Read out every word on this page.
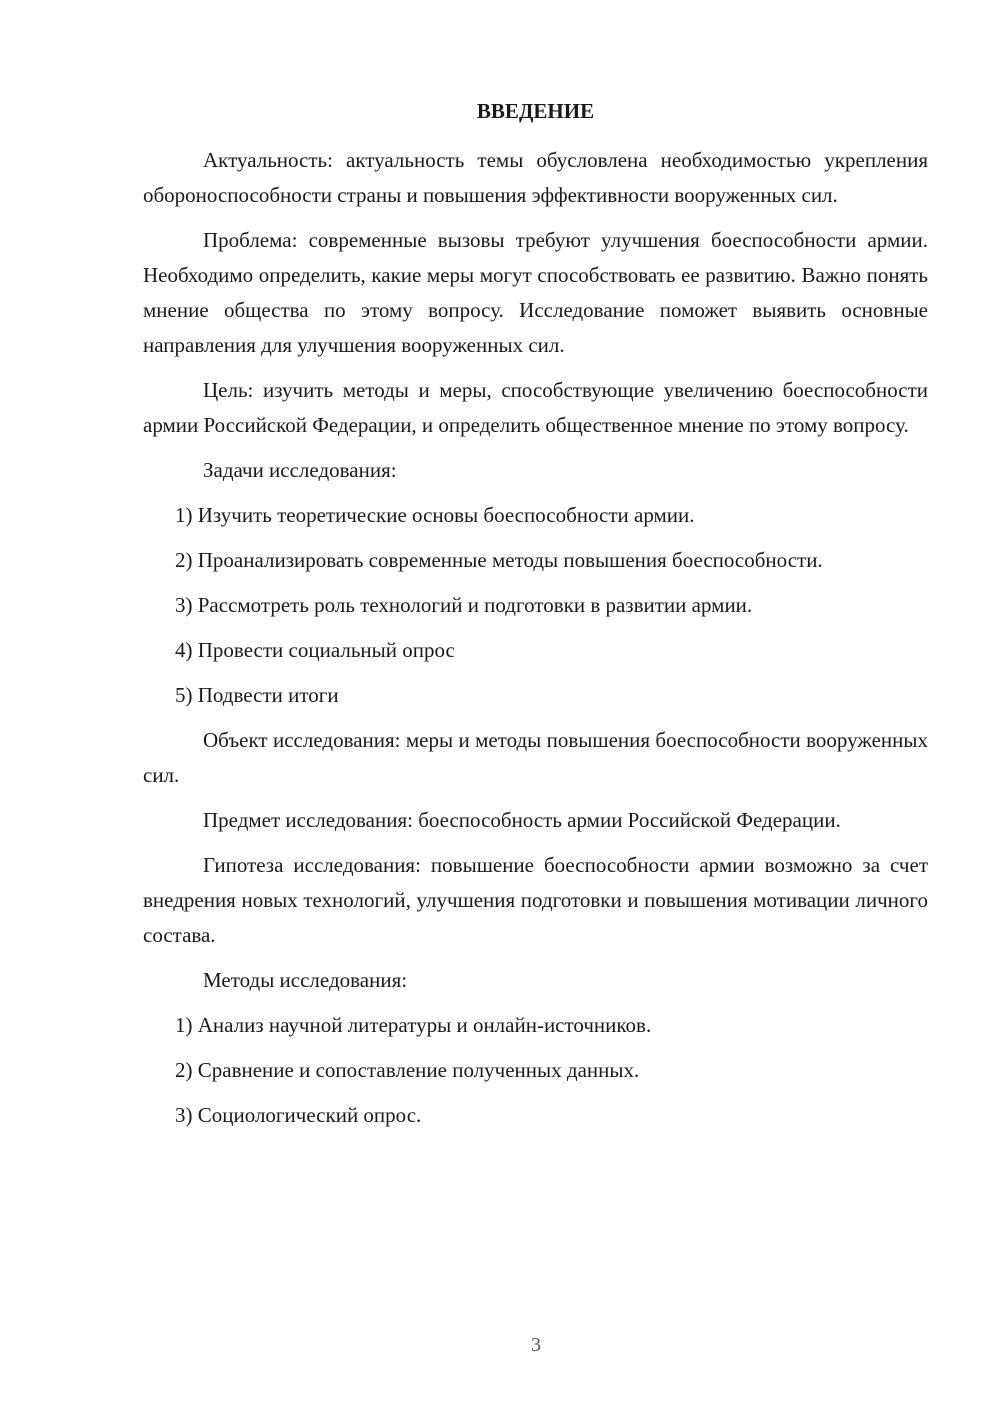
ВВЕДЕНИЕ

Актуальность: актуальность темы обусловлена необходимостью укрепления обороноспособности страны и повышения эффективности вооруженных сил.

Проблема: современные вызовы требуют улучшения боеспособности армии. Необходимо определить, какие меры могут способствовать ее развитию. Важно понять мнение общества по этому вопросу. Исследование поможет выявить основные направления для улучшения вооруженных сил.

Цель: изучить методы и меры, способствующие увеличению боеспособности армии Российской Федерации, и определить общественное мнение по этому вопросу.

Задачи исследования:

1) Изучить теоретические основы боеспособности армии.

2) Проанализировать современные методы повышения боеспособности.

3) Рассмотреть роль технологий и подготовки в развитии армии.

4) Провести социальный опрос

5) Подвести итоги

Объект исследования: меры и методы повышения боеспособности вооруженных сил.

Предмет исследования: боеспособность армии Российской Федерации.

Гипотеза исследования: повышение боеспособности армии возможно за счет внедрения новых технологий, улучшения подготовки и повышения мотивации личного состава.

Методы исследования:

1) Анализ научной литературы и онлайн-источников.

2) Сравнение и сопоставление полученных данных.

3) Социологический опрос.

3
